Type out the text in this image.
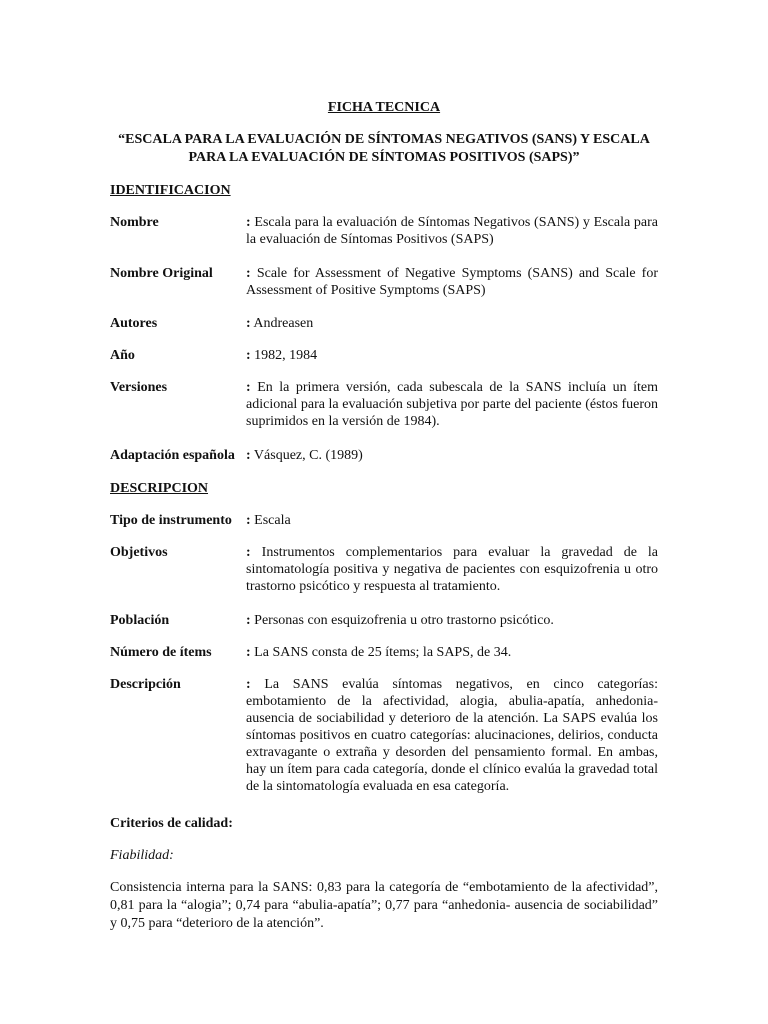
FICHA TECNICA
“ESCALA PARA LA EVALUACIÓN DE SÍNTOMAS NEGATIVOS (SANS) Y ESCALA PARA LA EVALUACIÓN DE SÍNTOMAS POSITIVOS (SAPS)”
IDENTIFICACION
Nombre	: Escala para la evaluación de Síntomas Negativos (SANS) y Escala para la evaluación de Síntomas Positivos (SAPS)
Nombre Original	: Scale for Assessment of Negative Symptoms (SANS) and Scale for Assessment of Positive Symptoms (SAPS)
Autores	: Andreasen
Año	: 1982, 1984
Versiones	: En la primera versión, cada subescala de la SANS incluía un ítem adicional para la evaluación subjetiva por parte del paciente (éstos fueron suprimidos en la versión de 1984).
Adaptación española : Vásquez, C. (1989)
DESCRIPCION
Tipo de instrumento	: Escala
Objetivos	: Instrumentos complementarios para evaluar la gravedad de la sintomatología positiva y negativa de pacientes con esquizofrenia u otro trastorno psicótico y respuesta al tratamiento.
Población	: Personas con esquizofrenia u otro trastorno psicótico.
Número de ítems	: La SANS consta de 25 ítems; la SAPS, de 34.
Descripción	: La SANS evalúa síntomas negativos, en cinco categorías: embotamiento de la afectividad, alogia, abulia-apatía, anhedonia-ausencia de sociabilidad y deterioro de la atención. La SAPS evalúa los síntomas positivos en cuatro categorías: alucinaciones, delirios, conducta extravagante o extraña y desorden del pensamiento formal. En ambas, hay un ítem para cada categoría, donde el clínico evalúa la gravedad total de la sintomatología evaluada en esa categoría.
Criterios de calidad:
Fiabilidad:
Consistencia interna para la SANS: 0,83 para la categoría de “embotamiento de la afectividad”, 0,81 para la “alogia”; 0,74 para “abulia-apatía”; 0,77 para “anhedonia- ausencia de sociabilidad” y 0,75 para “deterioro de la atención”.
